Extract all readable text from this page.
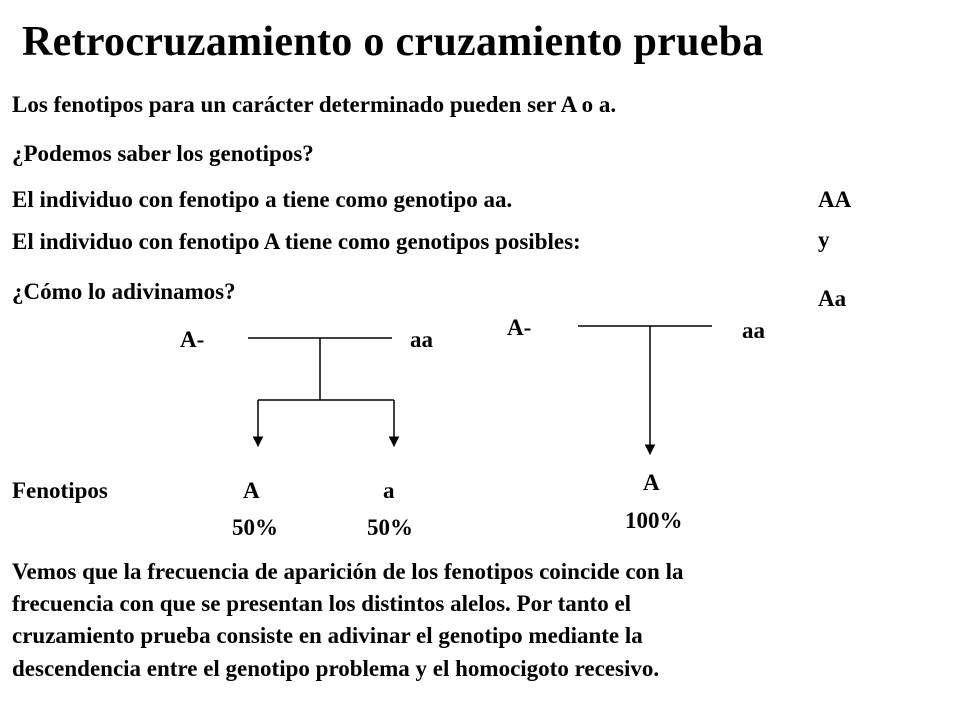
Retrocruzamiento o cruzamiento prueba
Los fenotipos para un carácter determinado pueden ser A o a.
¿Podemos saber los genotipos?
El individuo con fenotipo a tiene como genotipo aa.
El individuo con fenotipo A tiene como genotipos posibles:
¿Cómo lo adivinamos?
AA
y
Aa
A-	aa
Fenotipos	A	a
50%	50%
A-	aa
A
100%
Vemos que la frecuencia de aparición de los fenotipos coincide con la
frecuencia con que se presentan los distintos alelos. Por tanto el
cruzamiento prueba consiste en adivinar el genotipo mediante la
descendencia entre el genotipo problema y el homocigoto recesivo.
